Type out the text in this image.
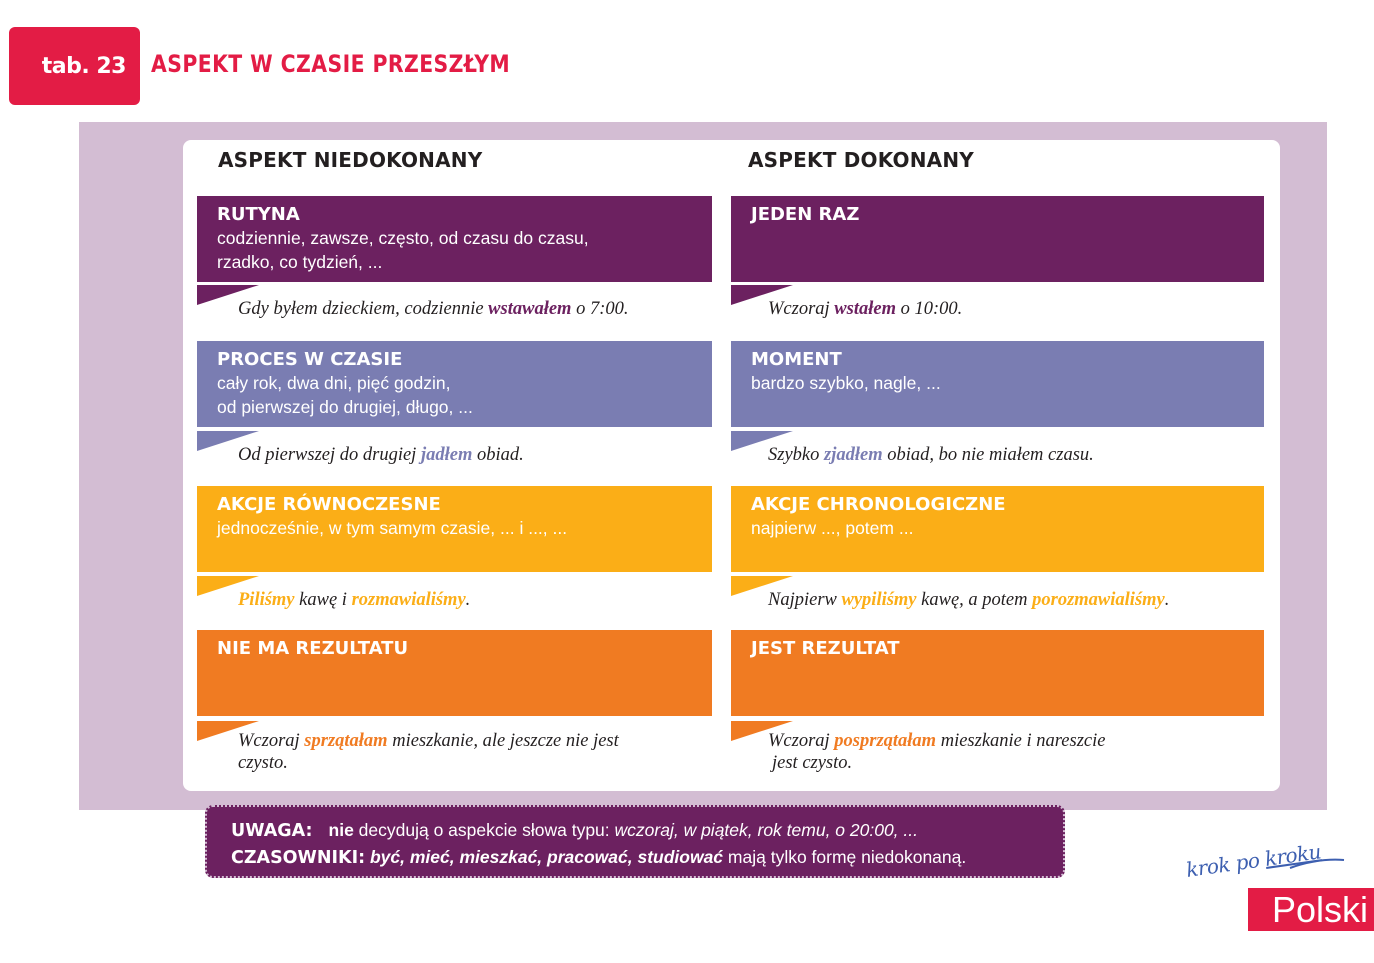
tab. 23	ASPEKT W CZASIE PRZESZŁYM
ASPEKT NIEDOKONANY	ASPEKT DOKONANY
RUTYNA
codziennie, zawsze, często, od czasu do czasu,
rzadko, co tydzień, ...
Gdy byłem dzieckiem, codziennie wstawałem o 7:00.
JEDEN RAZ
Wczoraj wstałem o 10:00.
PROCES W CZASIE
cały rok, dwa dni, pięć godzin,
od pierwszej do drugiej, długo, ...
Od pierwszej do drugiej jadłem obiad.
MOMENT
bardzo szybko, nagle, ...
Szybko zjadłem obiad, bo nie miałem czasu.
AKCJE RÓWNOCZESNE
jednocześnie, w tym samym czasie, ... i ..., ...
Piliśmy kawę i rozmawialiśmy.
AKCJE CHRONOLOGICZNE
najpierw ..., potem ...
Najpierw wypiliśmy kawę, a potem porozmawialiśmy.
NIE MA REZULTATU
Wczoraj sprzątałam mieszkanie, ale jeszcze nie jest
czysto.
JEST REZULTAT
Wczoraj posprzątałam mieszkanie i nareszcie
jest czysto.
UWAGA: nie decydują o aspekcie słowa typu: wczoraj, w piątek, rok temu, o 20:00, ...
CZASOWNIKI: być, mieć, mieszkać, pracować, studiować mają tylko formę niedokonaną.	krok po kroku
Polski
